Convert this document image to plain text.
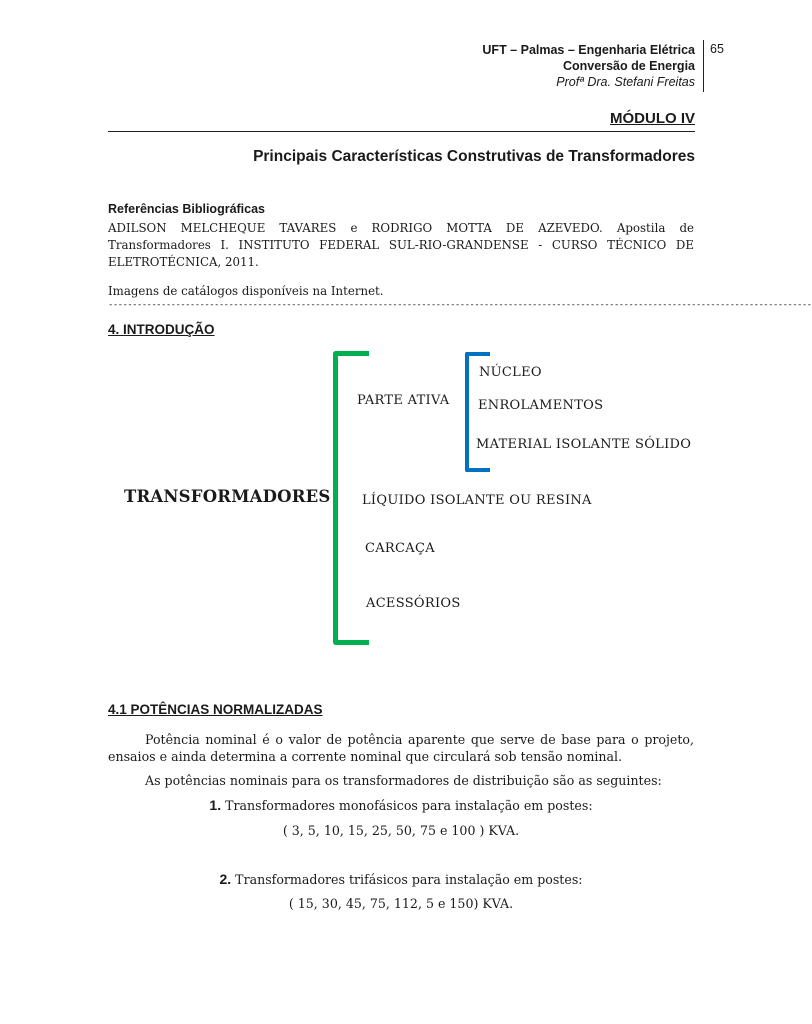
UFT – Palmas – Engenharia Elétrica
Conversão de Energia
Profª Dra. Stefani Freitas
65
MÓDULO IV
Principais Características Construtivas de Transformadores
Referências Bibliográficas
ADILSON MELCHEQUE TAVARES e RODRIGO MOTTA DE AZEVEDO. Apostila de Transformadores I. INSTITUTO FEDERAL SUL-RIO-GRANDENSE - CURSO TÉCNICO DE ELETROTÉCNICA, 2011.
Imagens de catálogos disponíveis na Internet.
--------------------------------------------------------------------------------------------------------------------------------------------------
4. INTRODUÇÃO
TRANSFORMADORES
PARTE ATIVA
NÚCLEO
ENROLAMENTOS
MATERIAL ISOLANTE SÓLIDO
LÍQUIDO ISOLANTE OU RESINA
CARCAÇA
ACESSÓRIOS
4.1 POTÊNCIAS NORMALIZADAS
Potência nominal é o valor de potência aparente que serve de base para o projeto, ensaios e ainda determina a corrente nominal que circulará sob tensão nominal.
As potências nominais para os transformadores de distribuição são as seguintes:
1. Transformadores monofásicos para instalação em postes:
( 3, 5, 10, 15, 25, 50, 75 e 100 ) KVA.
2. Transformadores trifásicos para instalação em postes:
( 15, 30, 45, 75, 112, 5 e 150) KVA.
